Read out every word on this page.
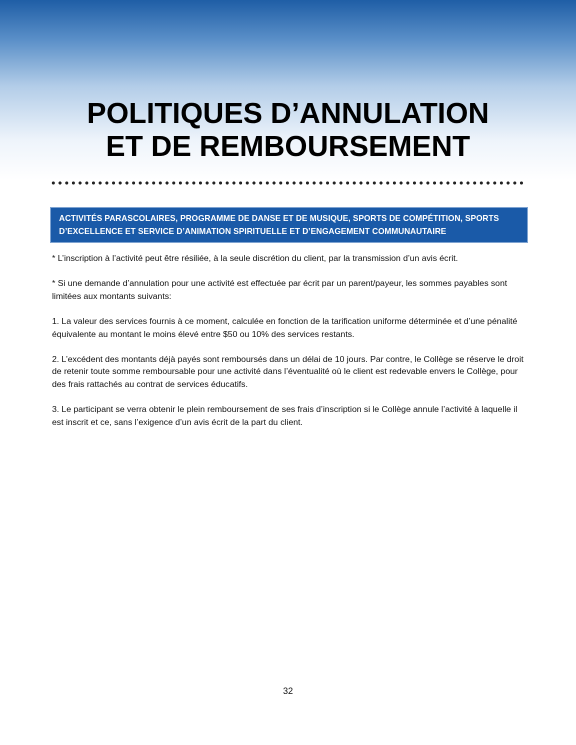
POLITIQUES D’ANNULATION
ET DE REMBOURSEMENT
ACTIVITÉS PARASCOLAIRES, PROGRAMME DE DANSE ET DE MUSIQUE, SPORTS DE COMPÉTITION, SPORTS
D’EXCELLENCE ET SERVICE D’ANIMATION SPIRITUELLE ET D’ENGAGEMENT COMMUNAUTAIRE

* L’inscription à l’activité peut être résiliée, à la seule discrétion du client, par la transmission d’un avis écrit.

* Si une demande d’annulation pour une activité est effectuée par écrit par un parent/payeur, les sommes payables sont limitées aux montants suivants:

1. La valeur des services fournis à ce moment, calculée en fonction de la tarification uniforme déterminée et d’une pénalité équivalente au montant le moins élevé entre $50 ou 10% des services restants.

2. L’excédent des montants déjà payés sont remboursés dans un délai de 10 jours. Par contre, le Collège se réserve le droit de retenir toute somme remboursable pour une activité dans l’éventualité où le client est redevable envers le Collège, pour des frais rattachés au contrat de services éducatifs.

3. Le participant se verra obtenir le plein remboursement de ses frais d’inscription si le Collège annule l’activité à laquelle il est inscrit et ce, sans l’exigence d’un avis écrit de la part du client.

32
